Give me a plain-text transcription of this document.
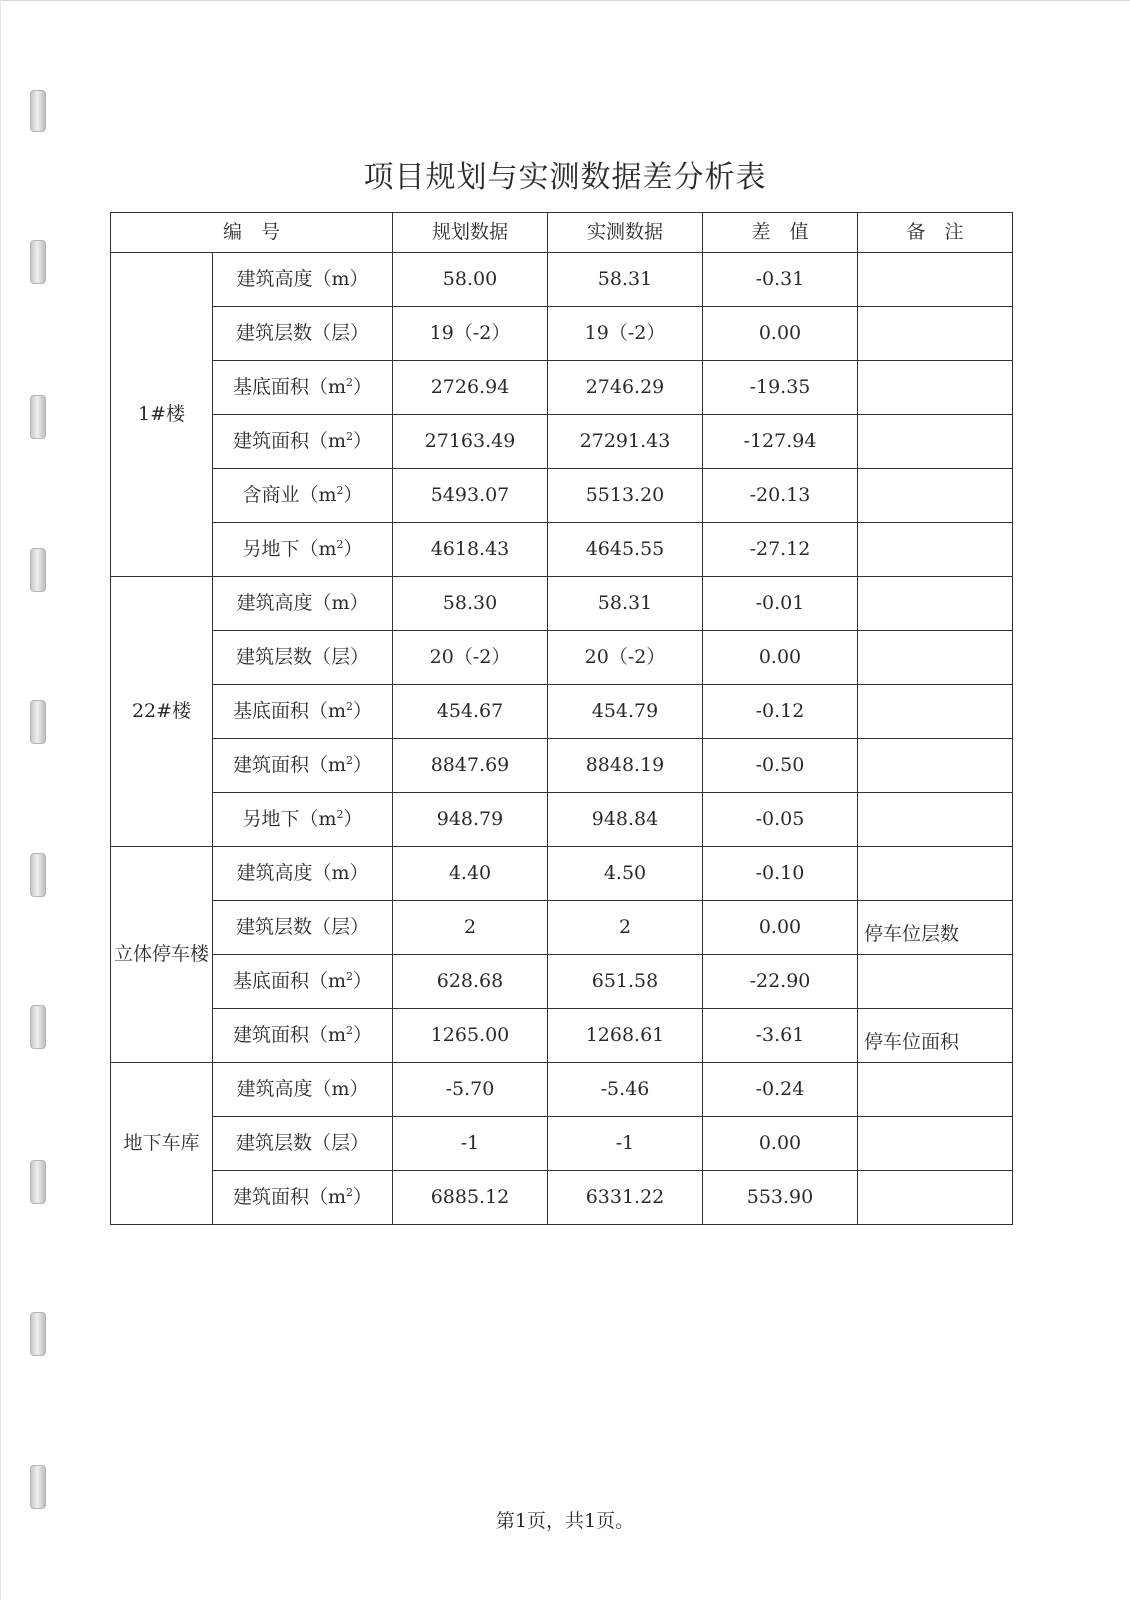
项目规划与实测数据差分析表
编　号		规划数据	实测数据	差　值	备　注
1#楼	建筑高度（m）	58.00	58.31	-0.31	
	建筑层数（层）	19（-2）	19（-2）	0.00	
	基底面积$(m^2)$	2726.94	2746.29	-19.35	
	建筑面积$(m^2)$	27163.49	27291.43	-127.94	
	含商业$(m^2)$	5493.07	5513.20	-20.13	
	另地下$(m^2)$	4618.43	4645.55	-27.12	
22#楼	建筑高度（m）	58.30	58.31	-0.01	
	建筑层数（层）	20（-2）	20（-2）	0.00	
	基底面积$(m^2)$	454.67	454.79	-0.12	
	建筑面积$(m^2)$	8847.69	8848.19	-0.50	
	另地下$(m^2)$	948.79	948.84	-0.05	
立体停车楼	建筑高度（m）	4.40	4.50	-0.10	
	建筑层数（层）	2	2	0.00	停车位层数
	基底面积$(m^2)$	628.68	651.58	-22.90	
	建筑面积$(m^2)$	1265.00	1268.61	-3.61	停车位面积
地下车库	建筑高度（m）	-5.70	-5.46	-0.24	
	建筑层数（层）	-1	-1	0.00	
	建筑面积$(m^2)$	6885.12	6331.22	553.90	
第1页，共1页。
